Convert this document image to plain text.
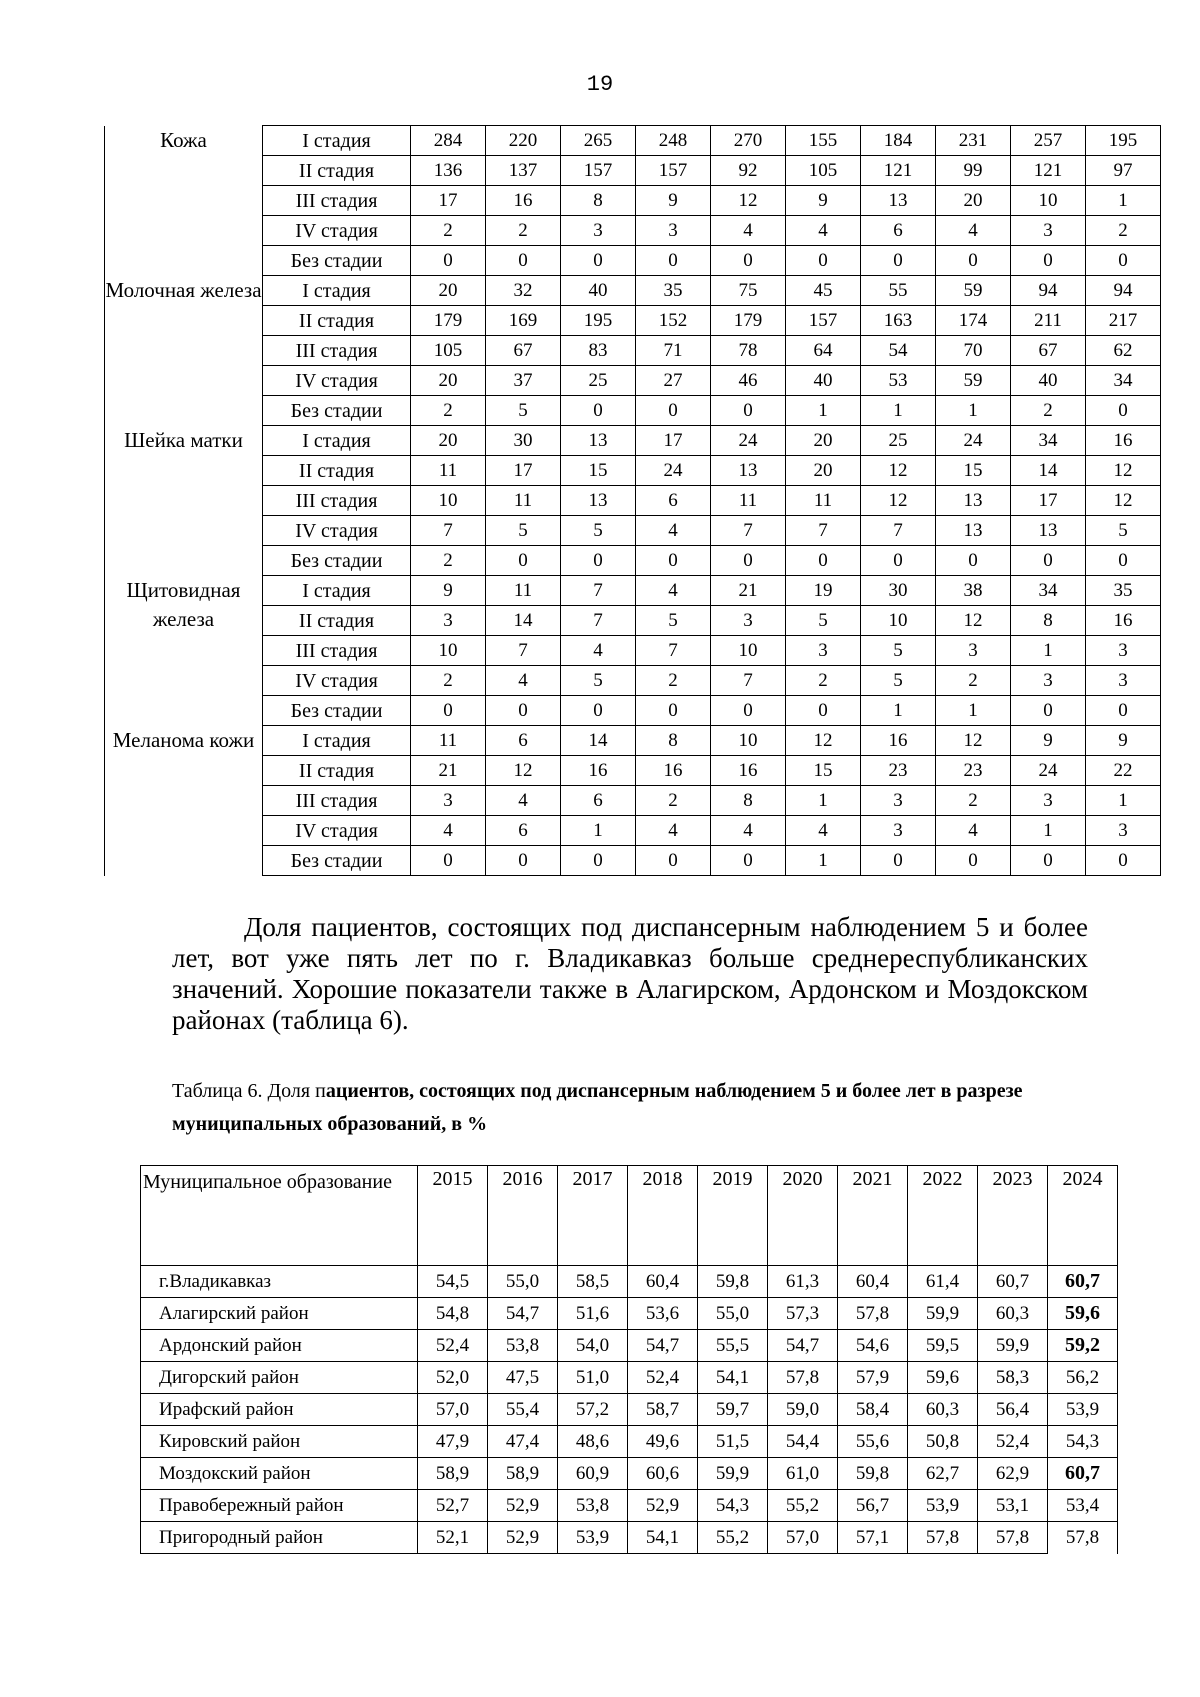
19
Кожа	I стадия	284	220	265	248	270	155	184	231	257	195
	II стадия	136	137	157	157	92	105	121	99	121	97
	III стадия	17	16	8	9	12	9	13	20	10	1
	IV стадия	2	2	3	3	4	4	6	4	3	2
	Без стадии	0	0	0	0	0	0	0	0	0	0
Молочная железа	I стадия	20	32	40	35	75	45	55	59	94	94
	II стадия	179	169	195	152	179	157	163	174	211	217
	III стадия	105	67	83	71	78	64	54	70	67	62
	IV стадия	20	37	25	27	46	40	53	59	40	34
	Без стадии	2	5	0	0	0	1	1	1	2	0
Шейка матки	I стадия	20	30	13	17	24	20	25	24	34	16
	II стадия	11	17	15	24	13	20	12	15	14	12
	III стадия	10	11	13	6	11	11	12	13	17	12
	IV стадия	7	5	5	4	7	7	7	13	13	5
	Без стадии	2	0	0	0	0	0	0	0	0	0
Щитовидная железа	I стадия	9	11	7	4	21	19	30	38	34	35
	II стадия	3	14	7	5	3	5	10	12	8	16
	III стадия	10	7	4	7	10	3	5	3	1	3
	IV стадия	2	4	5	2	7	2	5	2	3	3
	Без стадии	0	0	0	0	0	0	1	1	0	0
Меланома кожи	I стадия	11	6	14	8	10	12	16	12	9	9
	II стадия	21	12	16	16	16	15	23	23	24	22
	III стадия	3	4	6	2	8	1	3	2	3	1
	IV стадия	4	6	1	4	4	4	3	4	1	3
	Без стадии	0	0	0	0	0	1	0	0	0	0

Доля пациентов, состоящих под диспансерным наблюдением 5 и более лет, вот уже пять лет по г. Владикавказ больше среднереспубликанских значений. Хорошие показатели также в Алагирском, Ардонском и Моздокском районах (таблица 6).

Таблица 6. Доля пациентов, состоящих под диспансерным наблюдением 5 и более лет в разрезе муниципальных образований, в %

Муниципальное образование	2015	2016	2017	2018	2019	2020	2021	2022	2023	2024
г.Владикавказ	54,5	55,0	58,5	60,4	59,8	61,3	60,4	61,4	60,7	60,7
Алагирский район	54,8	54,7	51,6	53,6	55,0	57,3	57,8	59,9	60,3	59,6
Ардонский район	52,4	53,8	54,0	54,7	55,5	54,7	54,6	59,5	59,9	59,2
Дигорский район	52,0	47,5	51,0	52,4	54,1	57,8	57,9	59,6	58,3	56,2
Ирафский район	57,0	55,4	57,2	58,7	59,7	59,0	58,4	60,3	56,4	53,9
Кировский район	47,9	47,4	48,6	49,6	51,5	54,4	55,6	50,8	52,4	54,3
Моздокский район	58,9	58,9	60,9	60,6	59,9	61,0	59,8	62,7	62,9	60,7
Правобережный район	52,7	52,9	53,8	52,9	54,3	55,2	56,7	53,9	53,1	53,4
Пригородный район	52,1	52,9	53,9	54,1	55,2	57,0	57,1	57,8	57,8	57,8
